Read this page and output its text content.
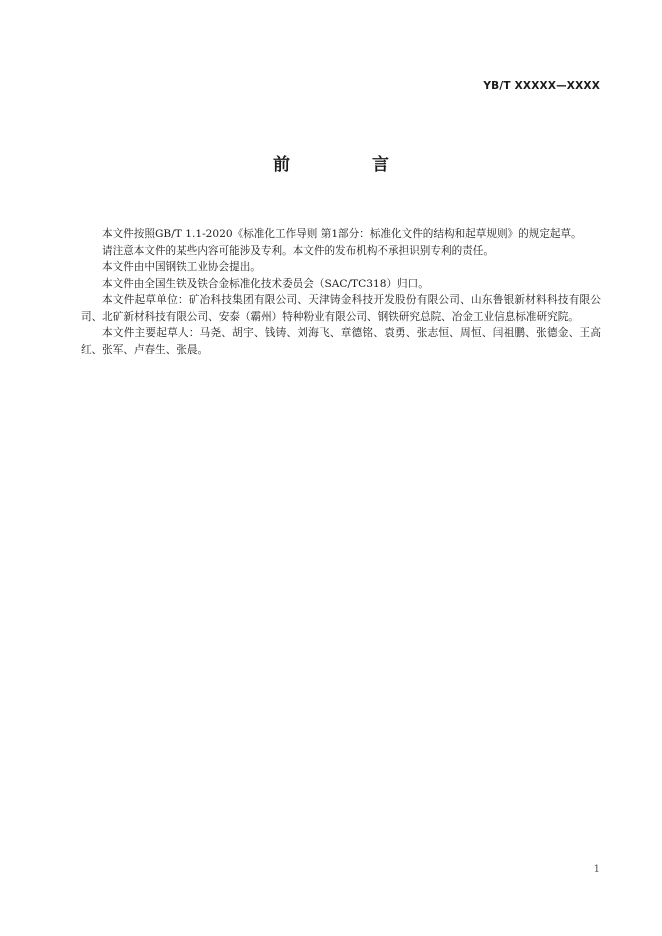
YB/T XXXXX—XXXX
前 言

本文件按照GB/T 1.1-2020《标准化工作导则 第1部分：标准化文件的结构和起草规则》的规定起草。

请注意本文件的某些内容可能涉及专利。本文件的发布机构不承担识别专利的责任。

本文件由中国钢铁工业协会提出。

本文件由全国生铁及铁合金标准化技术委员会（SAC/TC318）归口。

本文件起草单位：矿冶科技集团有限公司、天津铸金科技开发股份有限公司、山东鲁银新材料科技有限公司、北矿新材科技有限公司、安泰（霸州）特种粉业有限公司、钢铁研究总院、冶金工业信息标准研究院。

本文件主要起草人：马尧、胡宇、钱铸、刘海飞、章德铭、袁勇、张志恒、周恒、闫祖鹏、张德金、王高红、张军、卢春生、张晨。

1
